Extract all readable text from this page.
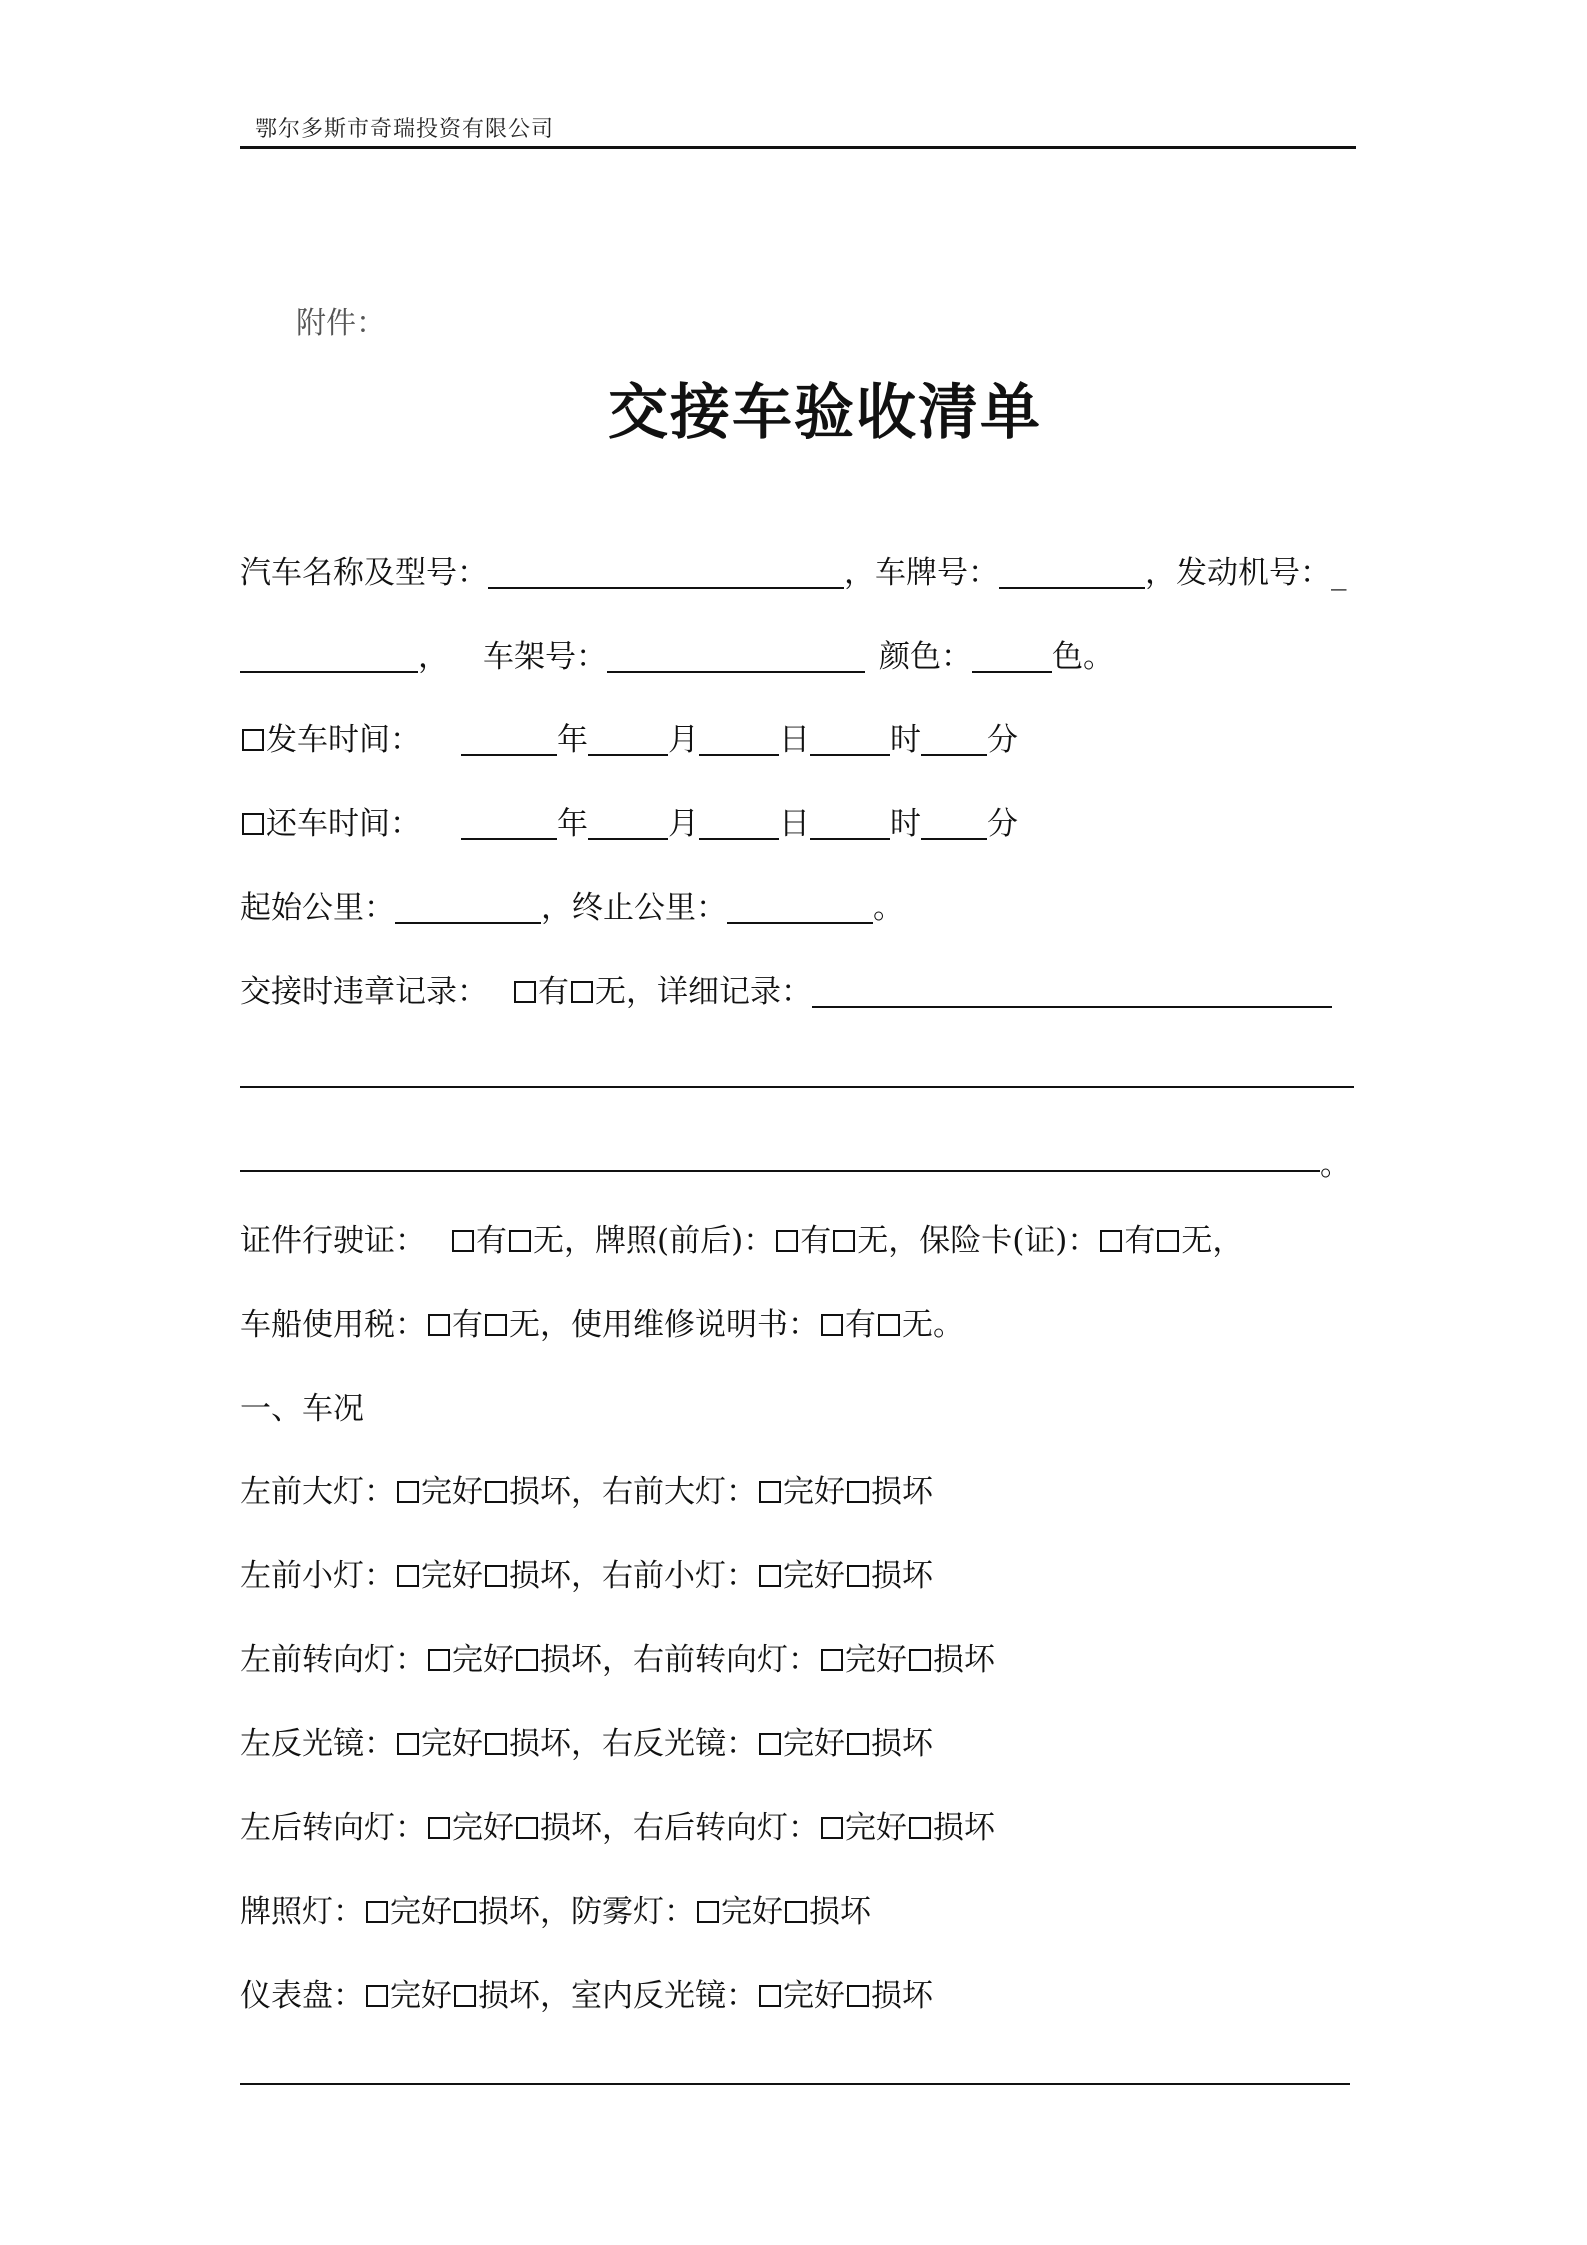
鄂尔多斯市奇瑞投资有限公司
附件：
交接车验收清单
汽车名称及型号：	，车牌号：	，发动机号：_
， 车架号：	颜色：	色。
发车时间：	年	月	日	时 分
还车时间：	年	月	日	时 分
起始公里：	，终止公里：	。
交接时违章记录： 有 无，详细记录：
。
证件行驶证： 有 无，牌照(前后)： 有 无，保险卡(证)： 有 无，
车船使用税： 有 无，使用维修说明书： 有 无。
一、车况
左前大灯： 完好 损坏，右前大灯： 完好 损坏
左前小灯： 完好 损坏，右前小灯： 完好 损坏
左前转向灯： 完好 损坏，右前转向灯： 完好 损坏
左反光镜： 完好 损坏，右反光镜： 完好 损坏
左后转向灯： 完好 损坏，右后转向灯： 完好 损坏
牌照灯： 完好 损坏，防雾灯： 完好 损坏
仪表盘： 完好 损坏，室内反光镜： 完好 损坏
